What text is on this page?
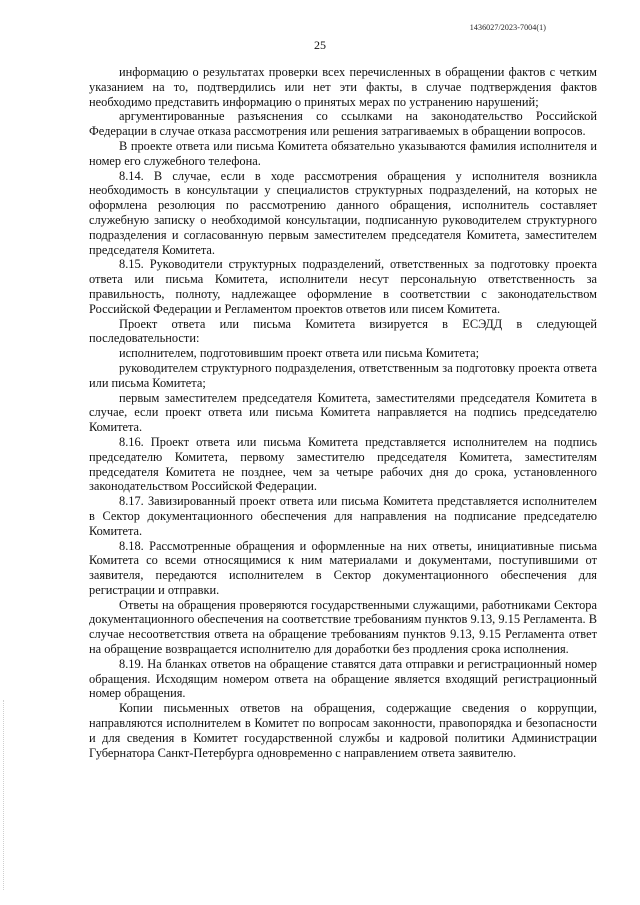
1436027/2023-7004(1)
25

информацию о результатах проверки всех перечисленных в обращении фактов с четким указанием на то, подтвердились или нет эти факты, в случае подтверждения фактов необходимо представить информацию о принятых мерах по устранению нарушений;

аргументированные разъяснения со ссылками на законодательство Российской Федерации в случае отказа рассмотрения или решения затрагиваемых в обращении вопросов.

В проекте ответа или письма Комитета обязательно указываются фамилия исполнителя и номер его служебного телефона.

8.14. В случае, если в ходе рассмотрения обращения у исполнителя возникла необходимость в консультации у специалистов структурных подразделений, на которых не оформлена резолюция по рассмотрению данного обращения, исполнитель составляет служебную записку о необходимой консультации, подписанную руководителем структурного подразделения и согласованную первым заместителем председателя Комитета, заместителем председателя Комитета.

8.15. Руководители структурных подразделений, ответственных за подготовку проекта ответа или письма Комитета, исполнители несут персональную ответственность за правильность, полноту, надлежащее оформление в соответствии с законодательством Российской Федерации и Регламентом проектов ответов или писем Комитета.

Проект ответа или письма Комитета визируется в ЕСЭДД в следующей последовательности:

исполнителем, подготовившим проект ответа или письма Комитета;

руководителем структурного подразделения, ответственным за подготовку проекта ответа или письма Комитета;

первым заместителем председателя Комитета, заместителями председателя Комитета в случае, если проект ответа или письма Комитета направляется на подпись председателю Комитета.

8.16. Проект ответа или письма Комитета представляется исполнителем на подпись председателю Комитета, первому заместителю председателя Комитета, заместителям председателя Комитета не позднее, чем за четыре рабочих дня до срока, установленного законодательством Российской Федерации.

8.17. Завизированный проект ответа или письма Комитета представляется исполнителем в Сектор документационного обеспечения для направления на подписание председателю Комитета.

8.18. Рассмотренные обращения и оформленные на них ответы, инициативные письма Комитета со всеми относящимися к ним материалами и документами, поступившими от заявителя, передаются исполнителем в Сектор документационного обеспечения для регистрации и отправки.

Ответы на обращения проверяются государственными служащими, работниками Сектора документационного обеспечения на соответствие требованиям пунктов 9.13, 9.15 Регламента. В случае несоответствия ответа на обращение требованиям пунктов 9.13, 9.15 Регламента ответ на обращение возвращается исполнителю для доработки без продления срока исполнения.

8.19. На бланках ответов на обращение ставятся дата отправки и регистрационный номер обращения. Исходящим номером ответа на обращение является входящий регистрационный номер обращения.

Копии письменных ответов на обращения, содержащие сведения о коррупции, направляются исполнителем в Комитет по вопросам законности, правопорядка и безопасности и для сведения в Комитет государственной службы и кадровой политики Администрации Губернатора Санкт-Петербурга одновременно с направлением ответа заявителю.
